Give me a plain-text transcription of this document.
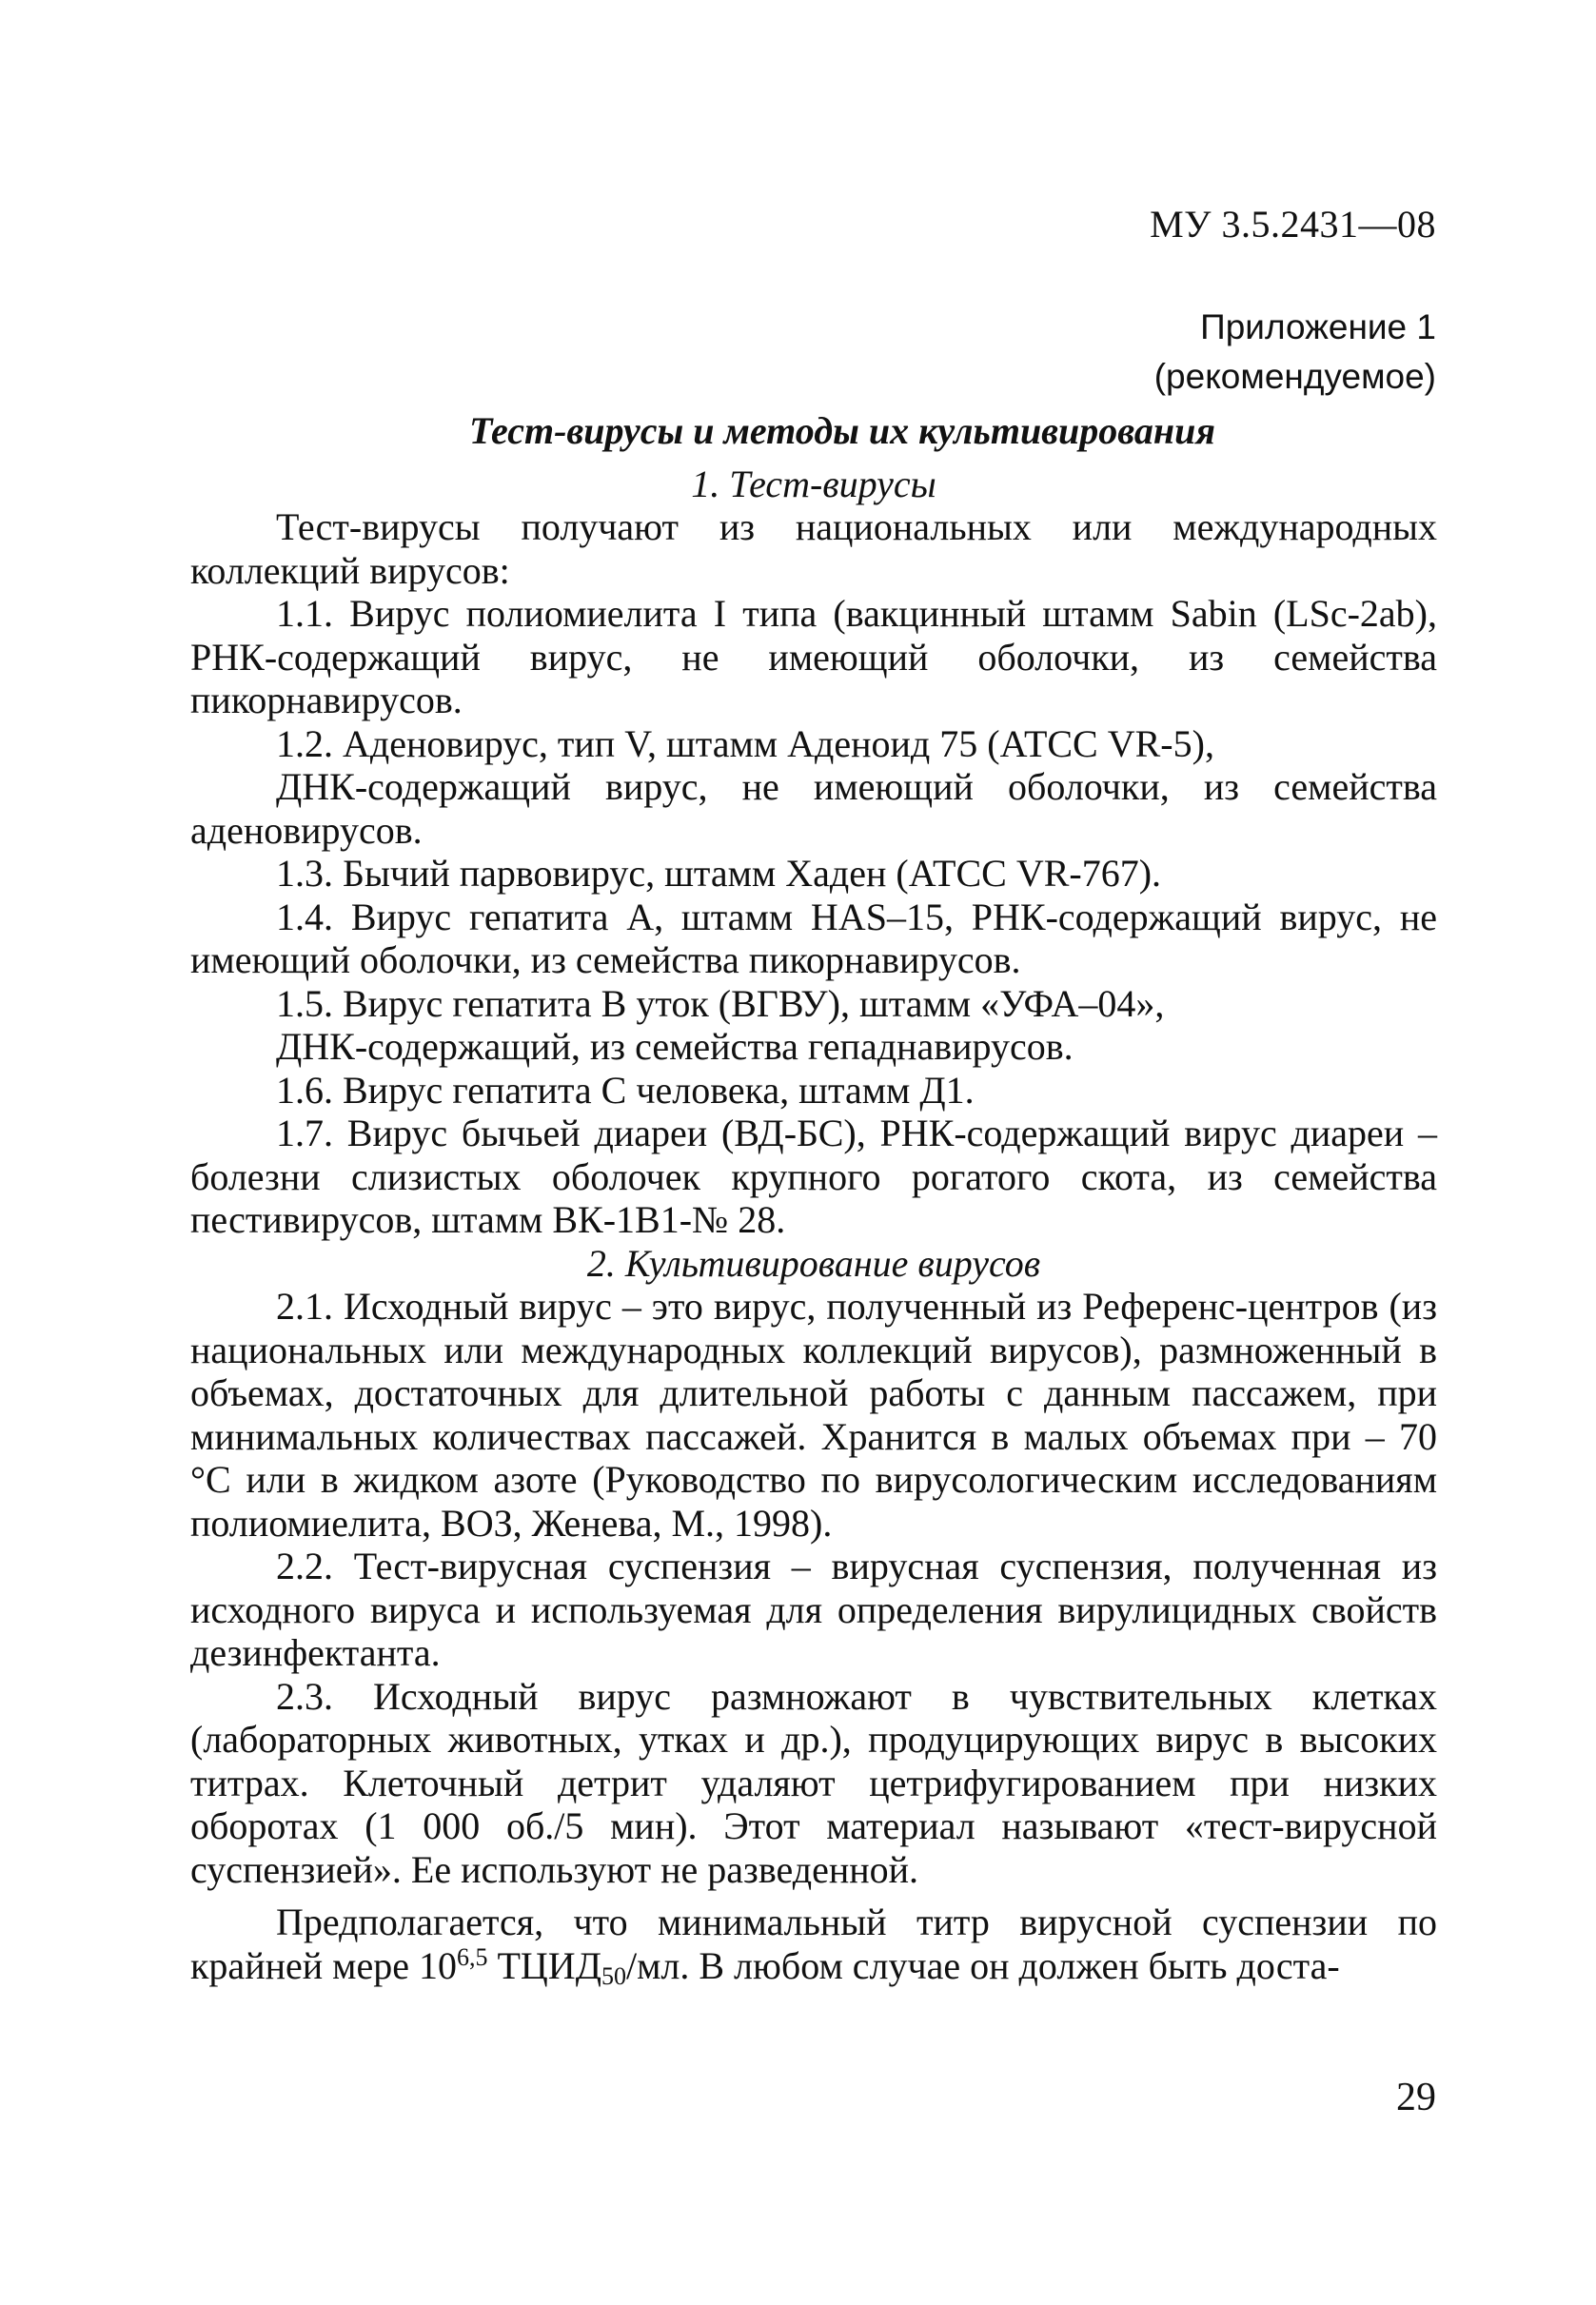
МУ 3.5.2431—08
Приложение 1
(рекомендуемое)
Тест-вирусы и методы их культивирования
1. Тест-вирусы

Тест-вирусы получают из национальных или международных коллекций вирусов:

1.1. Вирус полиомиелита I типа (вакцинный штамм Sabin (LSc-2ab), РНК-содержащий вирус, не имеющий оболочки, из семейства пикорнавирусов.

1.2. Аденовирус, тип V, штамм Аденоид 75 (АТСС VR-5),

ДНК-содержащий вирус, не имеющий оболочки, из семейства аденовирусов.

1.3. Бычий парвовирус, штамм Хаден (АТСС VR-767).

1.4. Вирус гепатита А, штамм HAS–15, РНК-содержащий вирус, не имеющий оболочки, из семейства пикорнавирусов.

1.5. Вирус гепатита В уток (ВГВУ), штамм «УФА–04»,

ДНК-содержащий, из семейства гепаднавирусов.

1.6. Вирус гепатита С человека, штамм Д1.

1.7. Вирус бычьей диареи (ВД-БС), РНК-содержащий вирус диареи – болезни слизистых оболочек крупного рогатого скота, из семейства пестивирусов, штамм ВК-1В1-№ 28.

2. Культивирование вирусов

2.1. Исходный вирус – это вирус, полученный из Референс-центров (из национальных или международных коллекций вирусов), размноженный в объемах, достаточных для длительной работы с данным пассажем, при минимальных количествах пассажей. Хранится в малых объемах при – 70 °С или в жидком азоте (Руководство по вирусологическим исследованиям полиомиелита, ВОЗ, Женева, М., 1998).

2.2. Тест-вирусная суспензия – вирусная суспензия, полученная из исходного вируса и используемая для определения вирулицидных свойств дезинфектанта.

2.3. Исходный вирус размножают в чувствительных клетках (лабораторных животных, утках и др.), продуцирующих вирус в высоких титрах. Клеточный детрит удаляют цетрифугированием при низких оборотах (1 000 об./5 мин). Этот материал называют «тест-вирусной суспензией». Ее используют не разведенной.

Предполагается, что минимальный титр вирусной суспензии по крайней мере 10$^{6,5}$ $ТЦИД_{50}/мл$. В любом случае он должен быть доста-

29
